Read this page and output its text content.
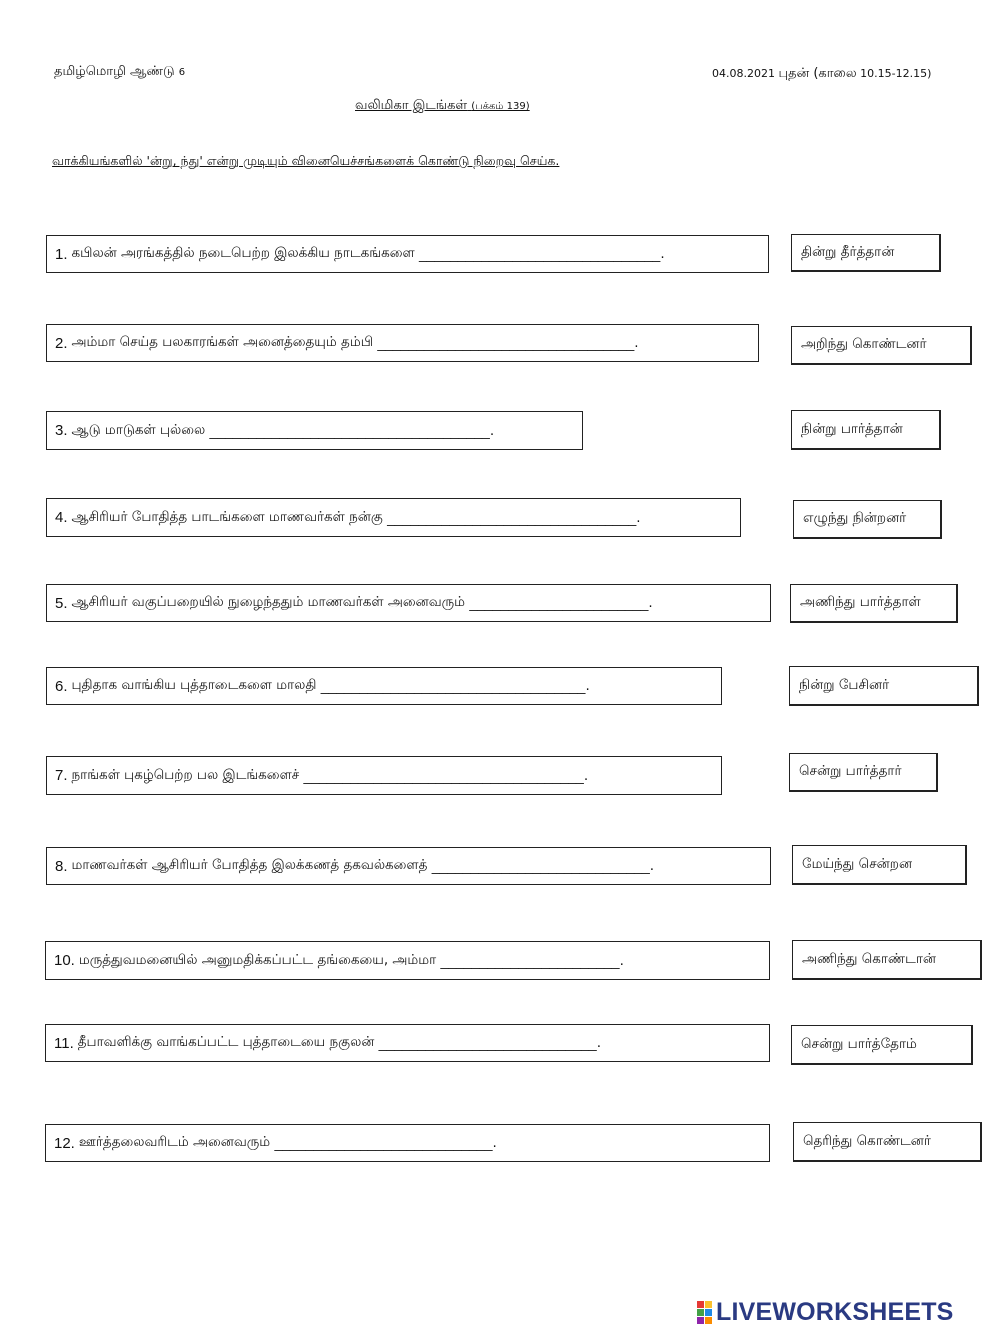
தமிழ்மொழி ஆண்டு 6	04.08.2021 புதன் (காலை 10.15-12.15)
வலிமிகா இடங்கள் (பக்கம் 139)
வாக்கியங்களில் 'ன்று, ந்து' என்று முடியும் வினையெச்சங்களைக் கொண்டு நிறைவு செய்க.
1. கபிலன் அரங்கத்தில் நடைபெற்ற இலக்கிய நாடகங்களை
_______________________________ .
2. அம்மா செய்த பலகாரங்கள் அனைத்தையும் தம்பி
_________________________________ .
3. ஆடு மாடுகள் புல்லை
____________________________________ .
4. ஆசிரியர் போதித்த பாடங்களை மாணவர்கள் நன்கு
________________________________ .
5. ஆசிரியர் வகுப்பறையில் நுழைந்ததும் மாணவர்கள் அனைவரும்
_______________________ .
6. புதிதாக வாங்கிய புத்தாடைகளை மாலதி
__________________________________ .
7. நாங்கள் புகழ்பெற்ற பல இடங்களைச்
____________________________________ .
8. மாணவர்கள் ஆசிரியர் போதித்த இலக்கணத் தகவல்களைத்
____________________________ .
10. மருத்துவமனையில் அனுமதிக்கப்பட்ட தங்கையை, அம்மா
_______________________ .
11. தீபாவளிக்கு வாங்கப்பட்ட புத்தாடையை நகுலன்
____________________________ .
12. ஊர்த்தலைவரிடம் அனைவரும்
____________________________ .
தின்று தீர்த்தான்
அறிந்து கொண்டனர்
நின்று பார்த்தான்
எழுந்து நின்றனர்
அணிந்து பார்த்தாள்
நின்று பேசினர்
சென்று பார்த்தார்
மேய்ந்து சென்றன
அணிந்து கொண்டான்
சென்று பார்த்தோம்
தெரிந்து கொண்டனர்
LIVEWORKSHEETS
